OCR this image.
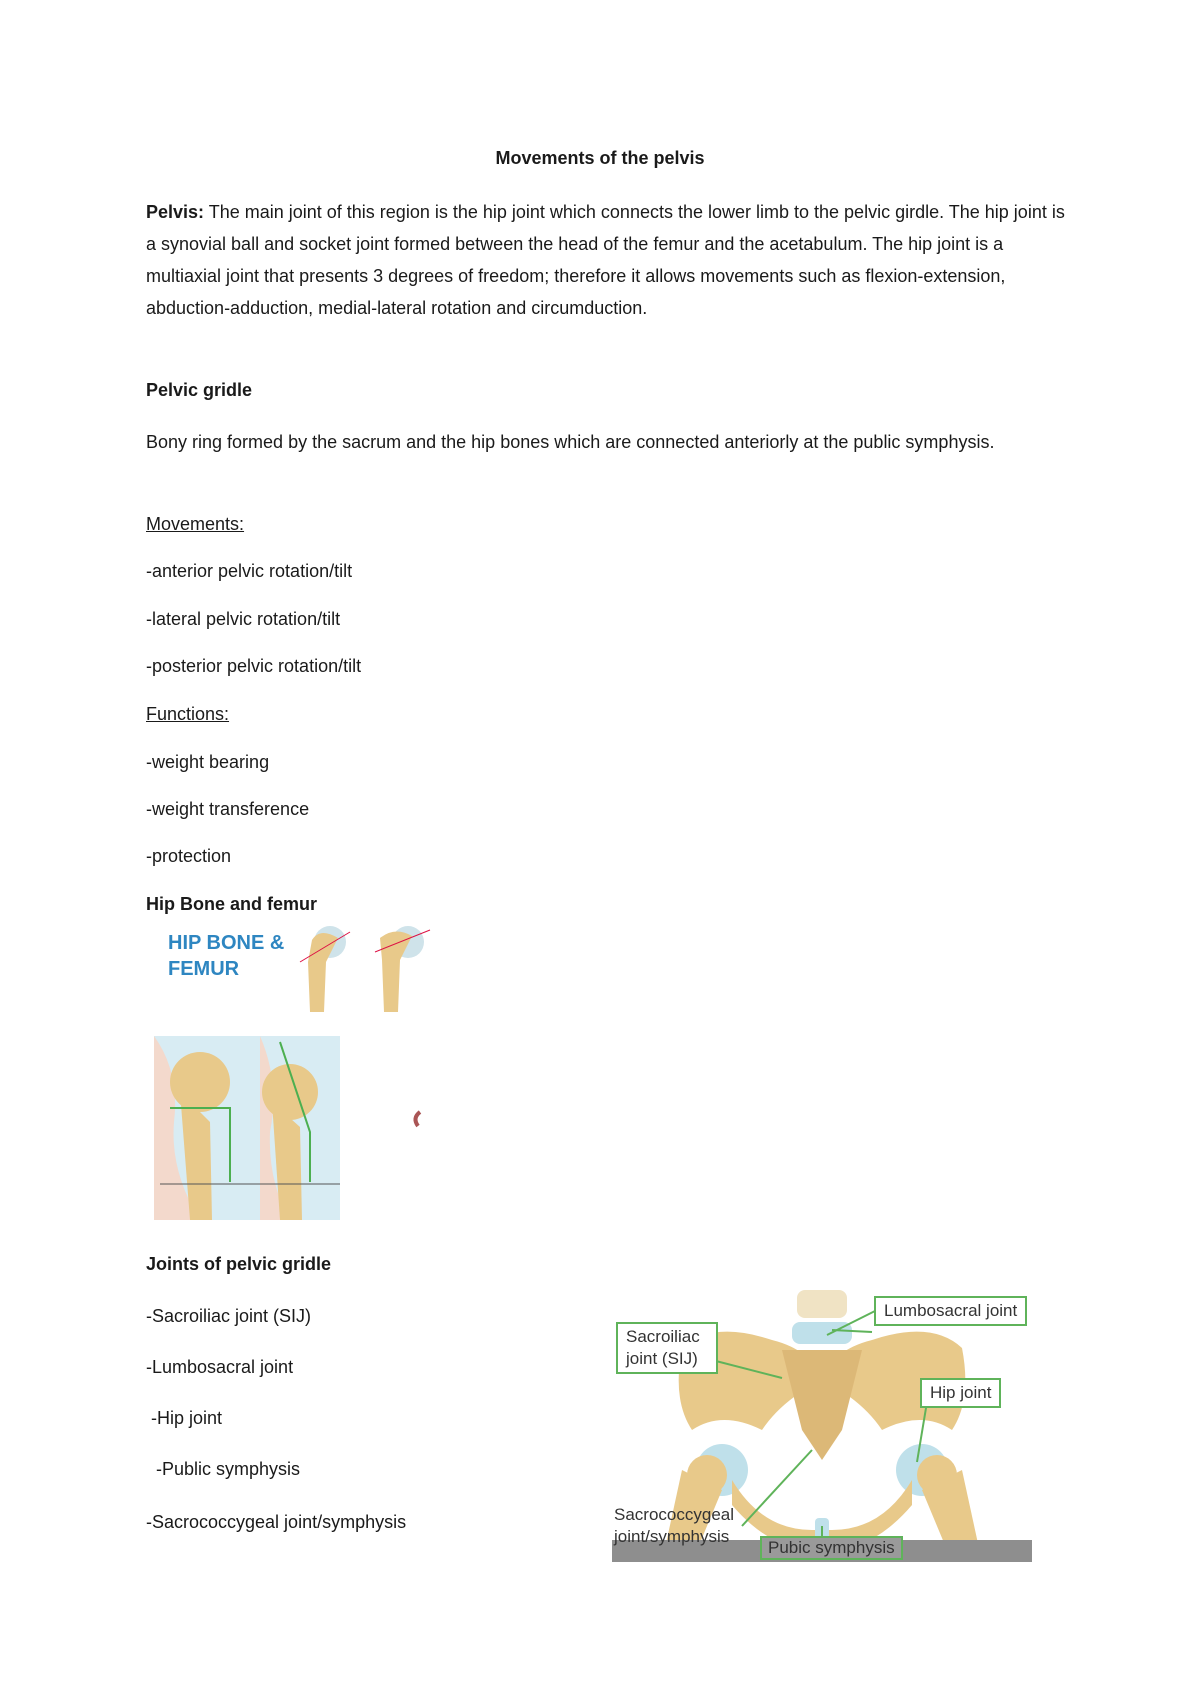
Movements of the pelvis
Pelvis: The main joint of this region is the hip joint which connects the lower limb to the pelvic girdle. The hip joint is a synovial ball and socket joint formed between the head of the femur and the acetabulum. The hip joint is a multiaxial joint that presents 3 degrees of freedom; therefore it allows movements such as flexion-extension, abduction-adduction, medial-lateral rotation and circumduction.
Pelvic gridle
Bony ring formed by the sacrum and the hip bones which are connected anteriorly at the public symphysis.
Movements:
-anterior pelvic rotation/tilt
-lateral pelvic rotation/tilt
-posterior pelvic rotation/tilt
Functions:
-weight bearing
-weight transference
-protection
Hip Bone and femur
HIP BONE &
FEMUR
Joints of pelvic gridle
-Sacroiliac joint (SIJ)
-Lumbosacral joint
-Hip joint
-Public symphysis
-Sacrococcygeal joint/symphysis
Sacroiliac joint (SIJ)
Lumbosacral joint
Hip joint
Sacrococcygeal joint/symphysis
Pubic symphysis
